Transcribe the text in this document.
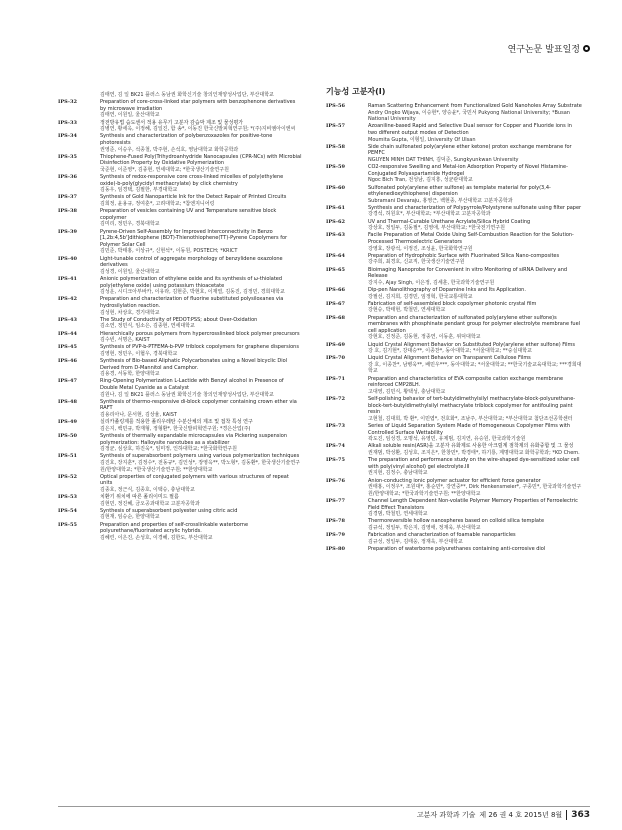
연구논문 발표일정
김태연, 김 일 BK21 플러스 동남권 화학신기술 창의인재양성사업단, 부산대학교
IPS-32	Preparation of core-cross-linked star polymers with benzophenone derivatives by microwave irradiation
김태연, 이원일, 울산대학교
IPS-33	정전방유법 습도센서 적용 유무기 고분자 감습막 제조 및 물성평가
김병연, 황세옥, 이정혜, 김일진, 함 송*, 이동진 한국신발피혁연구원; *(주)지비엠아이엔씨
IPS-34	Synthesis and characterization of polybenzoxazoles for positive-tone photoresists
권영준, 이승우, 석종철, 박주현, 손석호, 영남대학교 화학공학과
IPS-35	Thiophene-Fused Poly(Trihydroanhydride Nanocapsules (CPR-NCs) with Microbial Disinfection Property by Oxidative Polymerization
국준현, 이준영*, 김종현, 연세대학교; *한국생산기술연구원
IPS-36	Synthesis of redox-responsive core cross-linked micelles of poly(ethylene oxide)-b-poly(glycidyl methacrylate) by click chemistry
김동우, 임경택, 김필한, 부경대학교
IPS-37	Synthesis of Gold Nanoparticle Ink for the Detect Repair of Printed Circuits
김희정, 윤용규, 정여훈*, 고려대학교; *참엔지니어링
IPS-38	Preparation of vesicles containing UV and Temperature sensitive block copolymer
김미리, 정민우, 경북대학교
IPS-39	Pyrene-Driven Self-Assembly for Improved Interconnectivity in Benzo [1,2b:4,5b']dithiophene (BDT)-Thienothiophene(TT)-Pyrene Copolymers for Polymer Solar Cell
김민준, 박태홍, 이상규*, 신현석*, 이동원, POSTECH; *KRICT
IPS-40	Light-tunable control of aggregate morphology of benzylidene oxazolone derivatives
김성경, 이원일, 울산대학교
IPS-41	Anionic polymerization of ethylene oxide and its synthesis of ω-thiolated poly(ethylene oxide) using potassium thioacetate
김성운, 시디크아부바카, 이유라, 김현준, 박현호, 이재열, 김동진, 김정민, 경희대학교
IPS-42	Preparation and characterization of fluorine substituted polysiloxanes via hydrosilylation reaction.
김성현, 차상호, 경기대학교
IPS-43	The Study of Conductivity of PEDOT:PSS; about Over-Oxidation
김소연, 정민식, 임소은, 김종현, 연세대학교
IPS-44	Hierarchically porous polymers from hypercrosslinked block polymer precursors
김수빈, 서명은, KAIST
IPS-45	Synthesis of PVP-b-PTFEMA-b-PVP triblock copolymers for graphene dispersions
김영현, 정민우, 이협우, 경북대학교
IPS-46	Synthesis of Bio-based Aliphatic Polycarbonates using a Novel bicyclic Diol Derived from D-Mannitol and Camphor.
김용경, 서동학, 한양대학교
IPS-47	Ring-Opening Polymerization L-Lactide with Benzyl alcohol in Presence of Double Metal Cyanide as a Catalyst
김원나, 김 일 BK21 플러스 동남권 화학신기술 창의인재양성사업단, 부산대학교
IPS-48	Synthesis of thermo-responsive di-block copolymer containing crown ether via RAFT
김용리아나, 문서현, 김상율, KAIST
IPS-49	실리카졸링제를 적용한 폴리우레탄 수분산체의 제조 및 접착 특성 연구
김은지, 백민규, 박재형, 정형환*, 한국신발피혁연구원; *경은산업(주)
IPS-50	Synthesis of thermally expandable microcapsules via Pickering suspension polymerization: Halloysite nanotubes as a stabilizer
김정균, 심상호, 하진욱*, 임미정, 인하대학교; *한국화학연구원
IPS-51	Synthesis of superabsorbent polymers using various polymerization techniques
김진호, 장지훈*, 김정수*, 전동규*, 김인성*, 장영옥**, 박노형*, 김동환*, 한국생산기술연구원/한양대학교; *한국생산기술연구원; **한양대학교
IPS-52	Optical properties of conjugated polymers with various structures of repeat units
김종호, 정근식, 김종호, 이택승, 충남대학교
IPS-53	치환기 위치에 따른 폴리이미드 필름
김현민, 정진혜, 금오공과대학교 고분자공학과
IPS-54	Synthesis of superabsorbent polyester using citric acid
김현재, 임승순, 한양대학교
IPS-55	Preparation and properties of self-crosslinkable waterborne polyurethane/fluorinated acrylic hybrids.
김혜린, 이은진, 손성호, 이경혜, 김한도, 부산대학교
기능성 고분자(I)
IPS-56	Raman Scattering Enhancement from Functionalized Gold Nanoholes Array Substrate
Andry Ongko Wijaya, 이승현*, 양승윤*, 국민서 Pukyong National University; *Busan National University
IPS-57	Azoaniline-based Rapid and Selective Dual sensor for Copper and Fluoride ions in two different output modes of Detection
Moumita Gupta, 이형일, University Of Ulsan
IPS-58	Side chain sulfonated poly(arylene ether ketone) proton exchange membrane for PEMFC
NGUYEN MINH DAT THINH, 김덕준, Sungkyunkwan University
IPS-59	CO2-responsive Swelling and Metal-ion Adsorption Property of Novel Histamine-Conjugated Polyaspartamide Hydrogel
Ngoc Bich Tran, 전성남, 김지흥, 성균관대학교
IPS-60	Sulfonated poly(arylene ether sulfone) as template material for poly(3,4-ethylenedioxythiophene) dispersion
Subramani Devaraju, 홍영근, 백현종, 부산대학교 고분자공학과
IPS-61	Synthesis and characterization of Polypyrrole/Polystyrene sulfonate using filter paper
강경석, 허원호*, 부산대학교; *부산대학교 고분자공학과
IPS-62	UV and Thermal-Curable Urethane Acrylate/Silica Hybrid Coating
강상호, 정일두, 김동필*, 김영애, 부산대학교; *한국전기연구원
IPS-63	Facile Preparation of Metal Oxide Using Self-Combustion Reaction for the Solution-Processed Thermoelectric Generators
강영효, 장광석, 이정진, 조성윤, 한국화학연구원
IPS-64	Preparation of Hydrophobic Surface with Fluorinated Silica Nano-composites
강주희, 최경호, 신교직, 한국생산기술연구원
IPS-65	Bioimaging Nanoprobe for Convenient in vitro Monitoring of siRNA Delivery and Release
강지수, Ajay Singh, 이은정, 김세훈, 한국과학기술연구원
IPS-66	Dip-pen Nanolithography of Dopamine Inks and Its Application.
강필선, 김지희, 김경민, 임정혁, 한국교통대학교
IPS-67	Fabrication of self-assembled block copolymer photonic crystal film
강현승, 박태현, 박철민, 연세대학교
IPS-68	Preparation and characterization of sulfonated poly(arylene ether sulfone)s membranes with phosphinate pendant group for polymer electrolyte membrane fuel cell application
강현호, 진정준, 김동현, 정종연, 이동훈, 위덕대학교
IPS-69	Liquid Crystal Alignment Behavior on Substituted Poly(arylene ether sulfone) Films
강 호, 김기현*, 강대승**, 이종찬*, 동아대학교; *서울대학교; **숭실대학교
IPS-70	Liquid Crystal Alignment Behavior on Transparent Cellulose Films
강 호, 이종찬*, 남병욱**, 배민우***, 동아대학교; *서울대학교; **한국기술교육대학교; ***경희대학교
IPS-71	Preparation and characteristics of EVA composite cation exchange membrane reinforced CMP28LH.
고대영, 김민식, 황택성, 충남대학교
IPS-72	Self-polishing behavior of tert-butyldimethylsilyl methacrylate-block-polyurethane-block-tert-butyldimethylsilyl methacrylate triblock copolymer for antifouling paint resin
고현철, 김대희, 박 환*, 이민엽*, 전호화*, 조남주, 부산대학교; *부산대학교 첨단조선공학센터
IPS-73	Series of Liquid Separation System Made of Homogeneous Copolymer Films with Controlled Surface Wettability
곽도진, 임성경, 오명석, 유영민, 유제범, 김지연, 유승원, 한국과학기술원
IPS-74	Alkali soluble resin(ASR)을 고분자 유화제로 사용한 아크릴계 점착제의 유화중합 및 그 물성
권재범, 박성환, 김성호, 조지은*, 한창민*, 박경태*, 하기룡, 계명대학교 화학공학과; *KD Chem.
IPS-75	The preparation and performance study on the wire-shaped dye-sensitized solar cell with poly(vinyl alcohol) gel electrolyte.III
권지현, 김정수, 충남대학교
IPS-76	Anion-conducting ionic polymer actuator for efficient force generator
권태홍, 이정우*, 조원대*, 홍순민*, 강연중**, Dirk Henkensmeier*, 구종민*, 한국과학기술연구원/한양대학교; *한국과학기술연구원; **한양대학교
IPS-77	Channel Length Dependent Non-volatile Polymer Memory Properties of Ferroelectric Field Effect Transistors
김경범, 박철민, 연세대학교
IPS-78	Thermoreversible hollow nanospheres based on colloid silica template
김규석, 정일두, 박은지, 김영애, 정재욱, 부산대학교
IPS-79	Fabrication and characterization of foamable nanoparticles
김규성, 정일두, 김태웅, 정재욱, 부산대학교
IPS-80	Preparation of waterborne polyurethanes containing anti-corrosive diol
고분자 과학과 기술 제 26 권 4 호 2015년 8월 363
